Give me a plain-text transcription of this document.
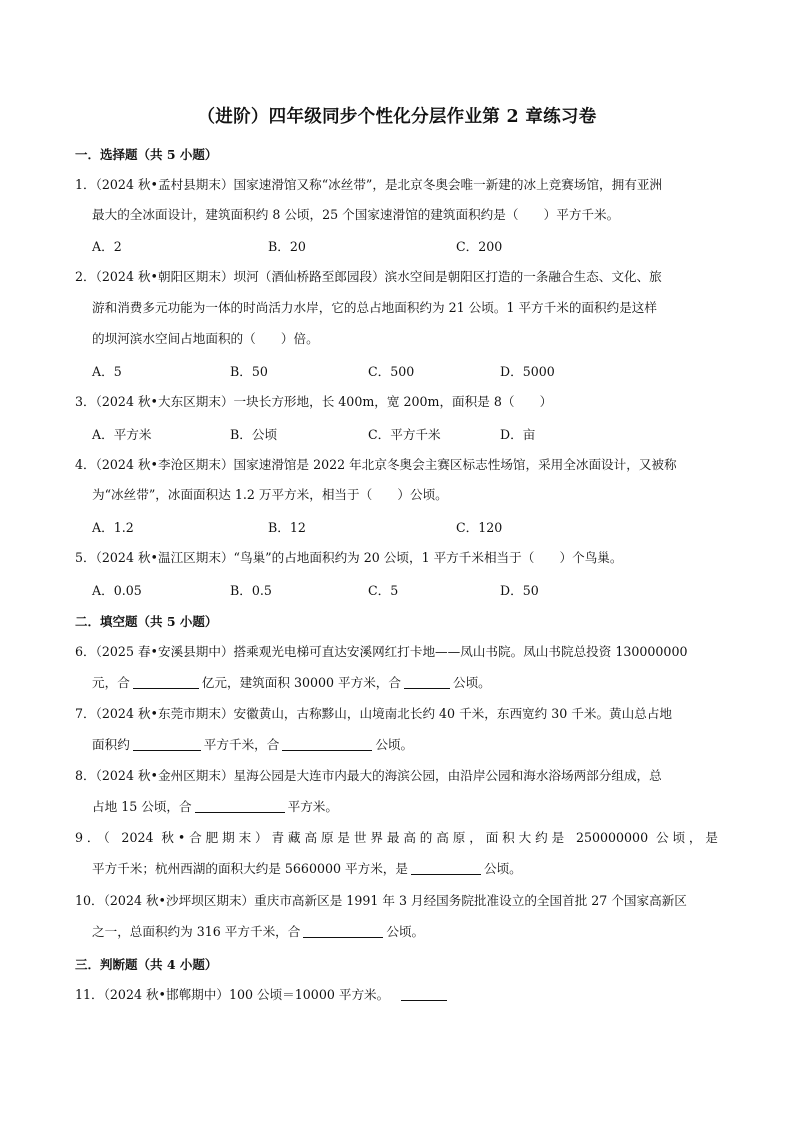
（进阶）四年级同步个性化分层作业第 2 章练习卷
一．选择题（共 5 小题）
1．（2024 秋•孟村县期末）国家速滑馆又称“冰丝带”，是北京冬奥会唯一新建的冰上竞赛场馆，拥有亚洲
最大的全冰面设计，建筑面积约 8 公顷，25 个国家速滑馆的建筑面积约是（　　）平方千米。
A．2	B．20	C．200
2．（2024 秋•朝阳区期末）坝河（酒仙桥路至郎园段）滨水空间是朝阳区打造的一条融合生态、文化、旅
游和消费多元功能为一体的时尚活力水岸，它的总占地面积约为 21 公顷。1 平方千米的面积约是这样
的坝河滨水空间占地面积的（　　）倍。
A．5	B．50	C．500	D．5000
3．（2024 秋•大东区期末）一块长方形地，长 400m，宽 200m，面积是 8（　　）
A．平方米	B．公顷	C．平方千米	D．亩
4．（2024 秋•李沧区期末）国家速滑馆是 2022 年北京冬奥会主赛区标志性场馆，采用全冰面设计，又被称
为“冰丝带”，冰面面积达 1.2 万平方米，相当于（　　）公顷。
A．1.2	B．12	C．120
5．（2024 秋•温江区期末）“鸟巢”的占地面积约为 20 公顷，1 平方千米相当于（　　）个鸟巢。
A．0.05	B．0.5	C．5	D．50
二．填空题（共 5 小题）
6．（2025 春•安溪县期中）搭乘观光电梯可直达安溪网红打卡地——凤山书院。凤山书院总投资 130000000
元，合	亿元，建筑面积 30000 平方米，合	公顷。
7．（2024 秋•东莞市期末）安徽黄山，古称黟山，山境南北长约 40 千米，东西宽约 30 千米。黄山总占地
面积约	平方千米，合	公顷。
8．（2024 秋•金州区期末）星海公园是大连市内最大的海滨公园，由沿岸公园和海水浴场两部分组成，总
占地 15 公顷，合	平方米。
9．（ 2024 秋•合肥期末）青藏高原是世界最高的高原，面积大约是 250000000 公顷，是
平方千米；杭州西湖的面积大约是 5660000 平方米，是	公顷。
10．（2024 秋•沙坪坝区期末）重庆市高新区是 1991 年 3 月经国务院批准设立的全国首批 27 个国家高新区
之一，总面积约为 316 平方千米，合	公顷。
三．判断题（共 4 小题）
11．（2024 秋•邯郸期中）100 公顷＝10000 平方米。
